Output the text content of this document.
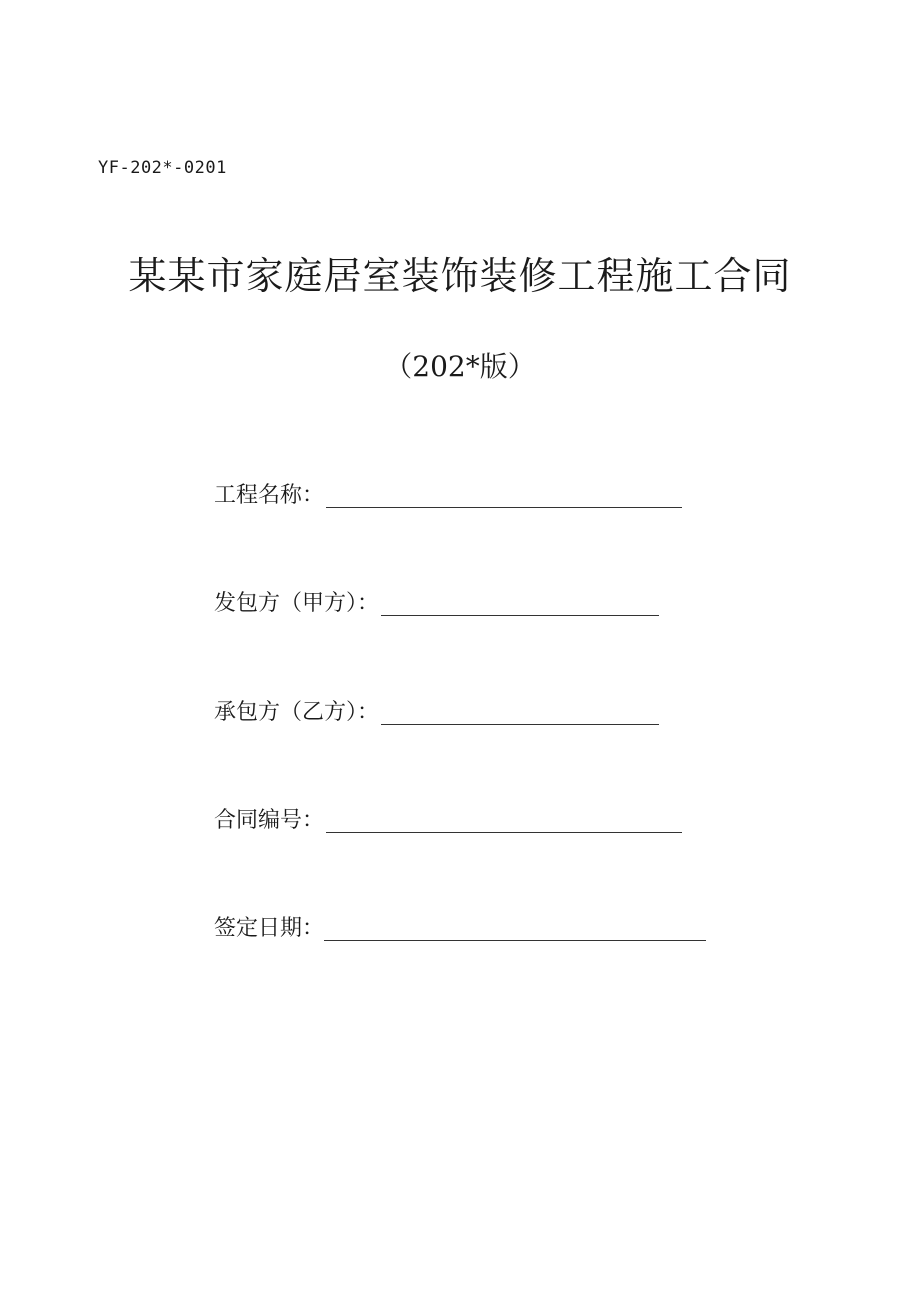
YF-202*-0201
某某市家庭居室装饰装修工程施工合同
（202*版）
工程名称：
发包方（甲方）：
承包方（乙方）：
合同编号：
签定日期：
